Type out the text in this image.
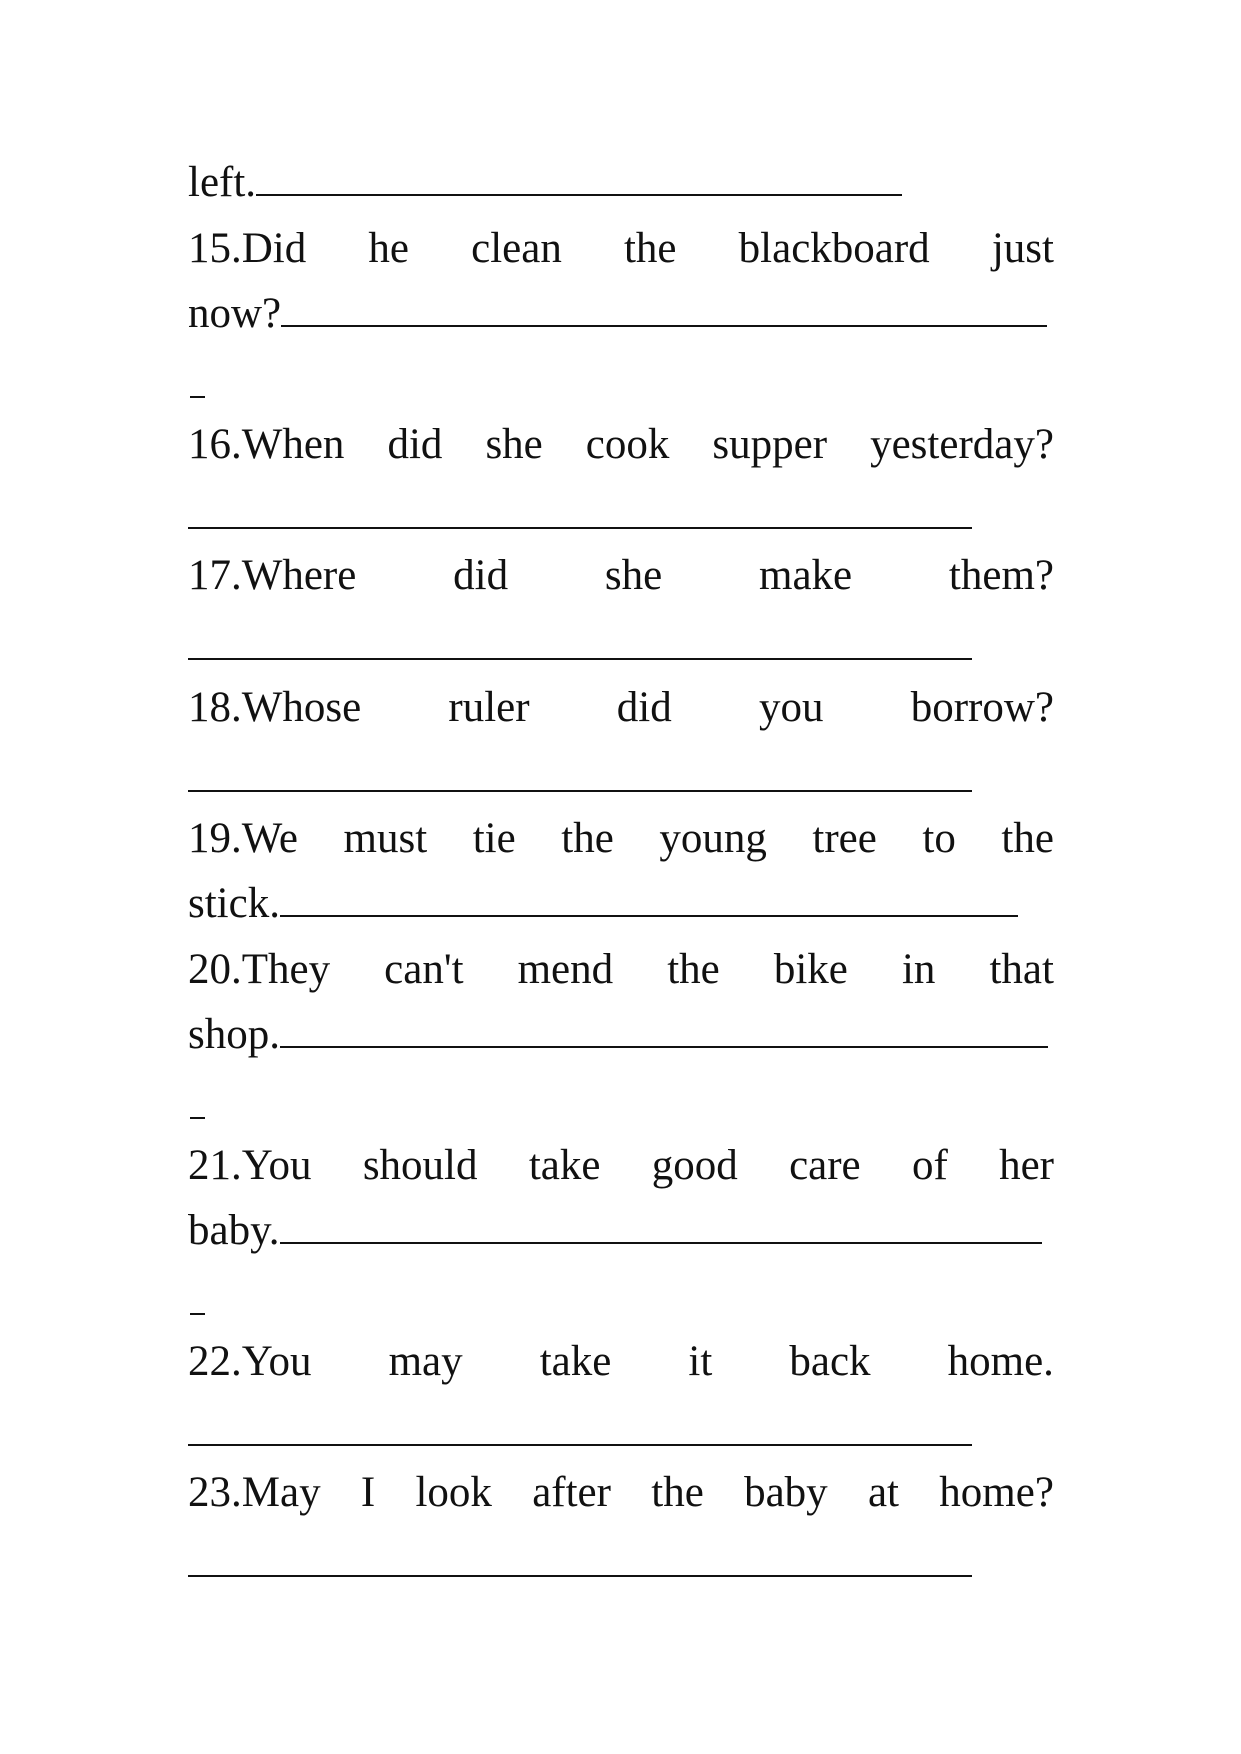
left.
15.Did he clean the blackboard just
now?
16.When did she cook supper yesterday?
17.Where did she make them?
18.Whose ruler did you borrow?
19.We must tie the young tree to the
stick.
20.They can't mend the bike in that
shop.
21.You should take good care of her
baby.
22.You may take it back home.
23.May I look after the baby at home?
